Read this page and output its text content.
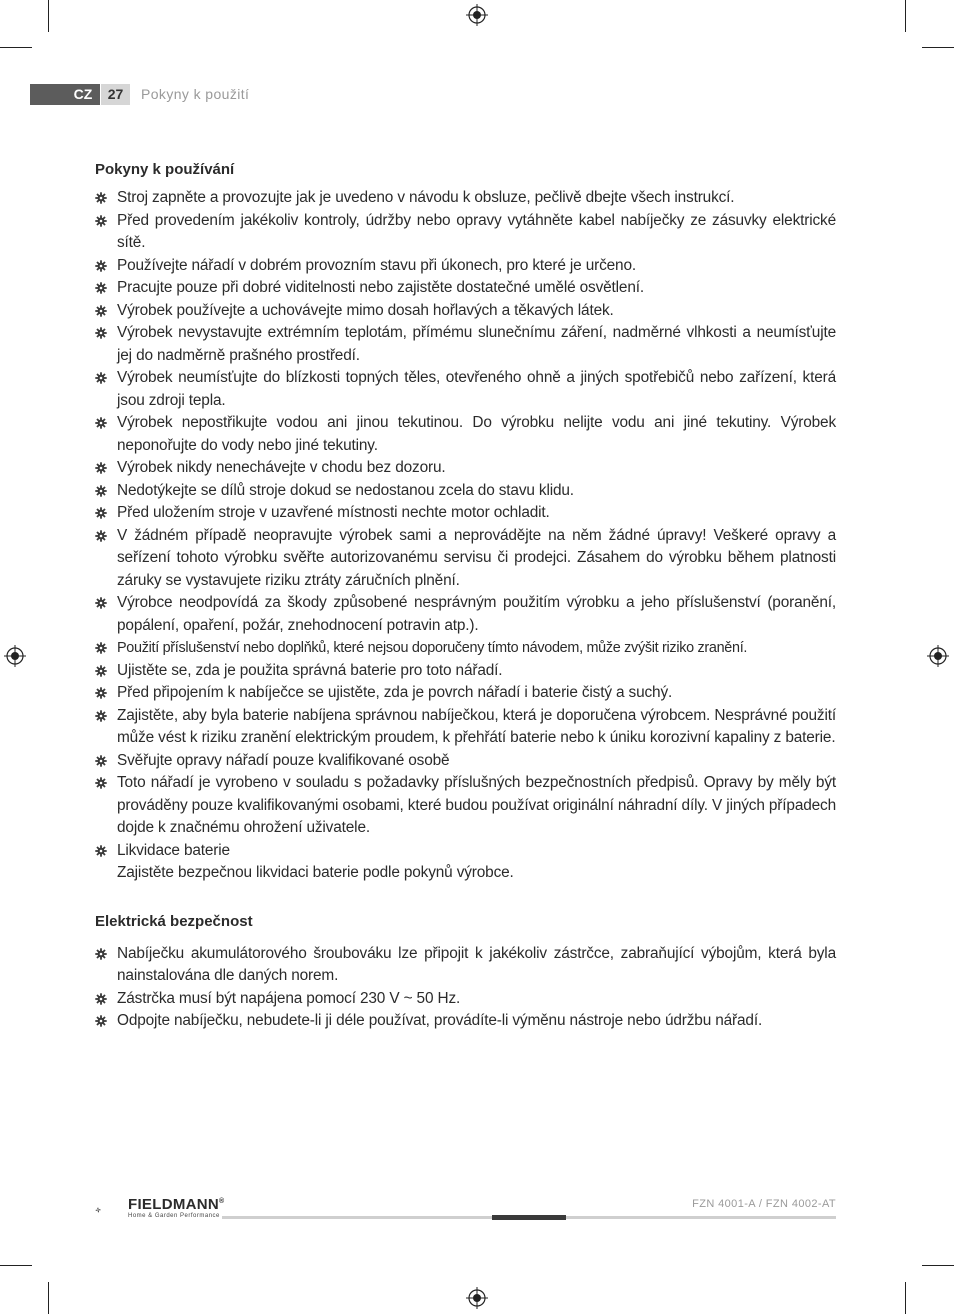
CZ	27	Pokyny k použití
Pokyny k používání
Stroj zapněte a provozujte jak je uvedeno v návodu k obsluze, pečlivě dbejte všech instrukcí.
Před provedením jakékoliv kontroly, údržby nebo opravy vytáhněte kabel nabíječky ze zásuvky elektrické sítě.
Používejte nářadí v dobrém provozním stavu při úkonech, pro které je určeno.
Pracujte pouze při dobré viditelnosti nebo zajistěte dostatečné umělé osvětlení.
Výrobek používejte a uchovávejte mimo dosah hořlavých a těkavých látek.
Výrobek nevystavujte extrémním teplotám, přímému slunečnímu záření, nadměrné vlhkosti a neumísťujte jej do nadměrně prašného prostředí.
Výrobek neumísťujte do blízkosti topných těles, otevřeného ohně a jiných spotřebičů nebo zařízení, která jsou zdroji tepla.
Výrobek nepostřikujte vodou ani jinou tekutinou. Do výrobku nelijte vodu ani jiné tekutiny. Výrobek neponořujte do vody nebo jiné tekutiny.
Výrobek nikdy nenechávejte v chodu bez dozoru.
Nedotýkejte se dílů stroje dokud se nedostanou zcela do stavu klidu.
Před uložením stroje v uzavřené místnosti nechte motor ochladit.
V žádném případě neopravujte výrobek sami a neprovádějte na něm žádné úpravy! Veškeré opravy a seřízení tohoto výrobku svěřte autorizovanému servisu či prodejci. Zásahem do výrobku během platnosti záruky se vystavujete riziku ztráty záručních plnění.
Výrobce neodpovídá za škody způsobené nesprávným použitím výrobku a jeho příslušenství (poranění, popálení, opaření, požár, znehodnocení potravin atp.).
Použití příslušenství nebo doplňků, které nejsou doporučeny tímto návodem, může zvýšit riziko zranění.
Ujistěte se, zda je použita správná baterie pro toto nářadí.
Před připojením k nabíječce se ujistěte, zda je povrch nářadí i baterie čistý a suchý.
Zajistěte, aby byla baterie nabíjena správnou nabíječkou, která je doporučena výrobcem. Nesprávné použití může vést k riziku zranění elektrickým proudem, k přehřátí baterie nebo k úniku korozivní kapaliny z baterie.
Svěřujte opravy nářadí pouze kvalifikované osobě
Toto nářadí je vyrobeno v souladu s požadavky příslušných bezpečnostních předpisů. Opravy by měly být prováděny pouze kvalifikovanými osobami, které budou používat originální náhradní díly. V jiných případech dojde k značnému ohrožení uživatele.
Likvidace baterie
Zajistěte bezpečnou likvidaci baterie podle pokynů výrobce.
Elektrická bezpečnost
Nabíječku akumulátorového šroubováku lze připojit k jakékoliv zástrčce, zabraňující výbojům, která byla nainstalována dle daných norem.
Zástrčka musí být napájena pomocí 230 V ~ 50 Hz.
Odpojte nabíječku, nebudete-li ji déle používat, provádíte-li výměnu nástroje nebo údržbu nářadí.
FIELDMANN®
Home & Garden Performance
FZN 4001-A / FZN 4002-AT
